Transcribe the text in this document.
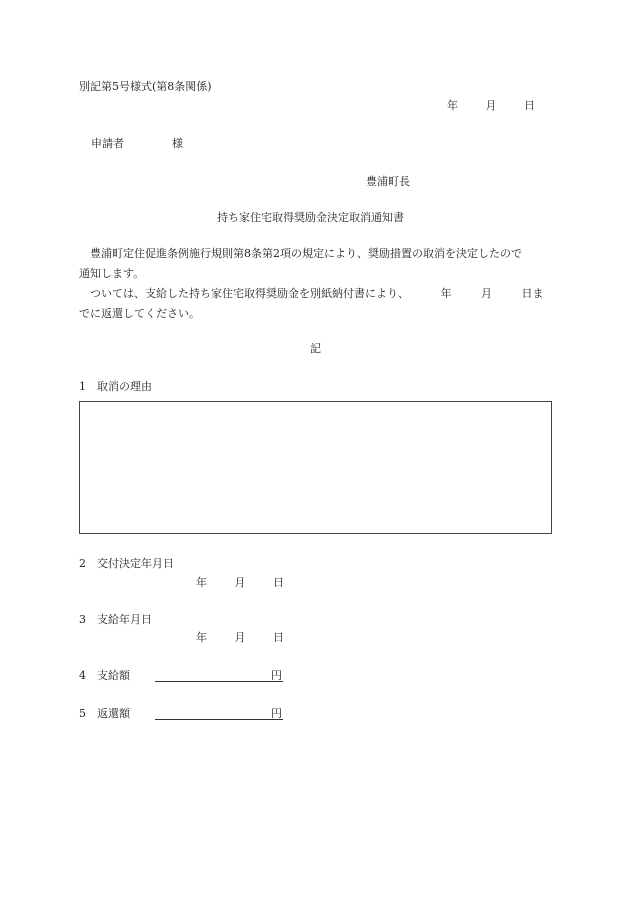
別記第5号様式(第8条関係)
年	月	日
申請者	様
豊浦町長
持ち家住宅取得奨励金決定取消通知書

豊浦町定住促進条例施行規則第8条第2項の規定により、奨励措置の取消を決定したので

通知します。

ついては、支給した持ち家住宅取得奨励金を別紙納付書により、	年	月	日ま

でに返還してください。
記
1　取消の理由
2　交付決定年月日
年	月	日
3　支給年月日
年	月	日
4　支給額	円
5　返還額	円
